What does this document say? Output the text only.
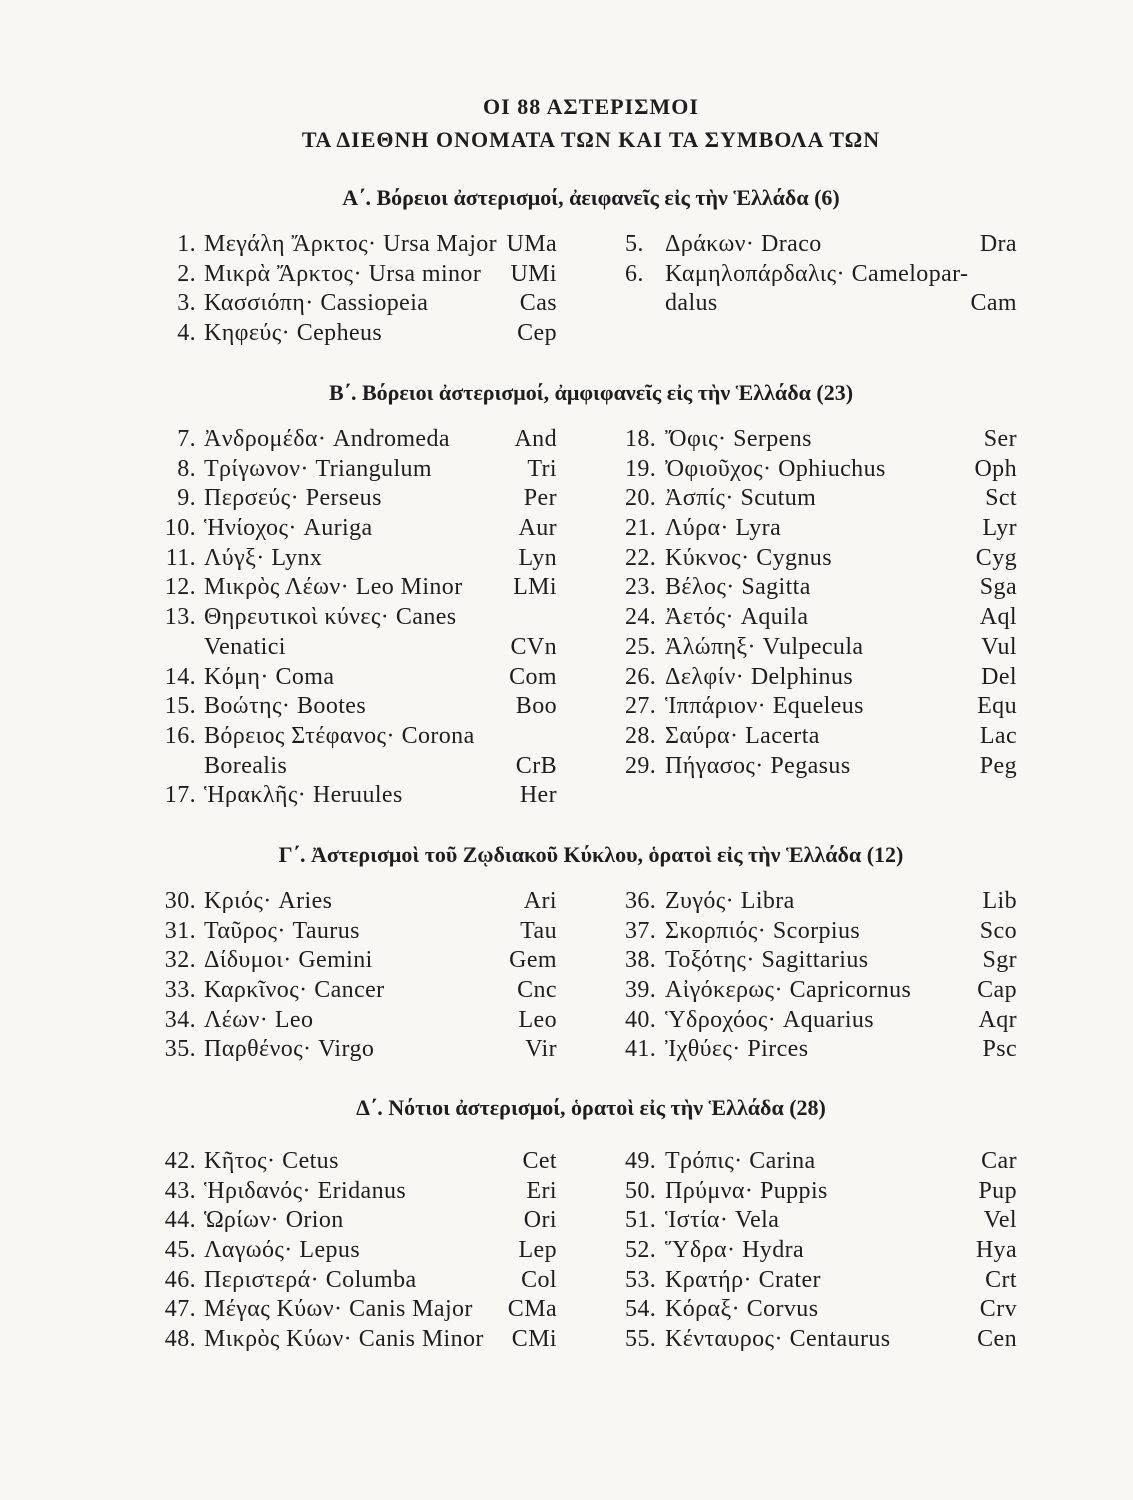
ΟΙ 88 ΑΣΤΕΡΙΣΜΟΙ
ΤΑ ΔΙΕΘΝΗ ΟΝΟΜΑΤΑ ΤΩΝ ΚΑΙ ΤΑ ΣΥΜΒΟΛΑ ΤΩΝ
Α΄. Βόρειοι ἀστερισμοί, ἀειφανεῖς εἰς τὴν Ἑλλάδα (6)
1. Μεγάλη Ἄρκτος· Ursa Major UMa
2. Μικρὰ Ἄρκτος· Ursa minor UMi
3. Κασσιόπη· Cassiopeia	Cas
4. Κηφεύς· Cepheus	Cep
5. Δράκων· Draco	Dra
6. Καμηλοπάρδαλις· Camelopar-
dalus	Cam
Β΄. Βόρειοι ἀστερισμοί, ἀμφιφανεῖς εἰς τὴν Ἑλλάδα (23)
7. Ἀνδρομέδα· Andromeda	And
8. Τρίγωνον· Triangulum	Tri
9. Περσεύς· Perseus	Per
10. Ἡνίοχος· Auriga	Aur
11. Λύγξ· Lynx	Lyn
12. Μικρὸς Λέων· Leo Minor LMi
13. Θηρευτικοὶ κύνες· Canes
Venatici	CVn
14. Κόμη· Coma	Com
15. Βοώτης· Bootes	Boo
16. Βόρειος Στέφανος· Corona
Borealis	CrB
17. Ἡρακλῆς· Heruules	Her
18. Ὄφις· Serpens	Ser
19. Ὀφιοῦχος· Ophiuchus	Oph
20. Ἀσπίς· Scutum	Sct
21. Λύρα· Lyra	Lyr
22. Κύκνος· Cygnus	Cyg
23. Βέλος· Sagitta	Sga
24. Ἀετός· Aquila	Aql
25. Ἀλώπηξ· Vulpecula	Vul
26. Δελφίν· Delphinus	Del
27. Ἱππάριον· Equeleus	Equ
28. Σαύρα· Lacerta	Lac
29. Πήγασος· Pegasus	Peg
Γ΄. Ἀστερισμοὶ τοῦ Ζῳδιακοῦ Κύκλου, ὁρατοὶ εἰς τὴν Ἑλλάδα (12)
30. Κριός· Aries	Ari
31. Ταῦρος· Taurus	Tau
32. Δίδυμοι· Gemini	Gem
33. Καρκῖνος· Cancer	Cnc
34. Λέων· Leo	Leo
35. Παρθένος· Virgo	Vir
36. Ζυγός· Libra	Lib
37. Σκορπιός· Scorpius	Sco
38. Τοξότης· Sagittarius	Sgr
39. Αἰγόκερως· Capricornus	Cap
40. Ὑδροχόος· Aquarius	Aqr
41. Ἰχθύες· Pirces	Psc
Δ΄. Νότιοι ἀστερισμοί, ὁρατοὶ εἰς τὴν Ἑλλάδα (28)
42. Κῆτος· Cetus	Cet
43. Ἡριδανός· Eridanus	Eri
44. Ὡρίων· Orion	Ori
45. Λαγωός· Lepus	Lep
46. Περιστερά· Columba	Col
47. Μέγας Κύων· Canis Major CMa
48. Μικρὸς Κύων· Canis Minor CMi
49. Τρόπις· Carina	Car
50. Πρύμνα· Puppis	Pup
51. Ἱστία· Vela	Vel
52. Ὕδρα· Hydra	Hya
53. Κρατήρ· Crater	Crt
54. Κόραξ· Corvus	Crv
55. Κένταυρος· Centaurus	Cen
